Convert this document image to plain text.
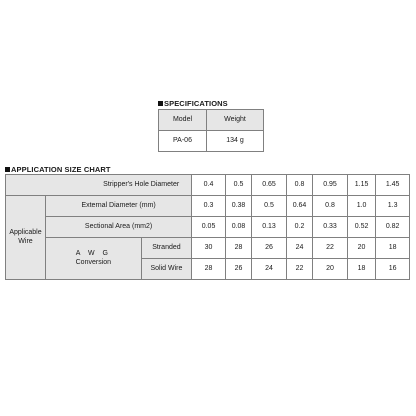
SPECIFICATIONS
Model	Weight
PA-06	134 g
APPLICATION SIZE CHART
Stripper's Hole Diameter			0.4	0.5	0.65	0.8	0.95	1.15	1.45
Applicable
Wire	External Diameter (mm)		0.3	0.38	0.5	0.64	0.8	1.0	1.3
	Sectional Area (mm2)		0.05	0.08	0.13	0.2	0.33	0.52	0.82
	A W G
Conversion	Stranded	30	28	26	24	22	20	18
		Solid Wire	28	26	24	22	20	18	16
